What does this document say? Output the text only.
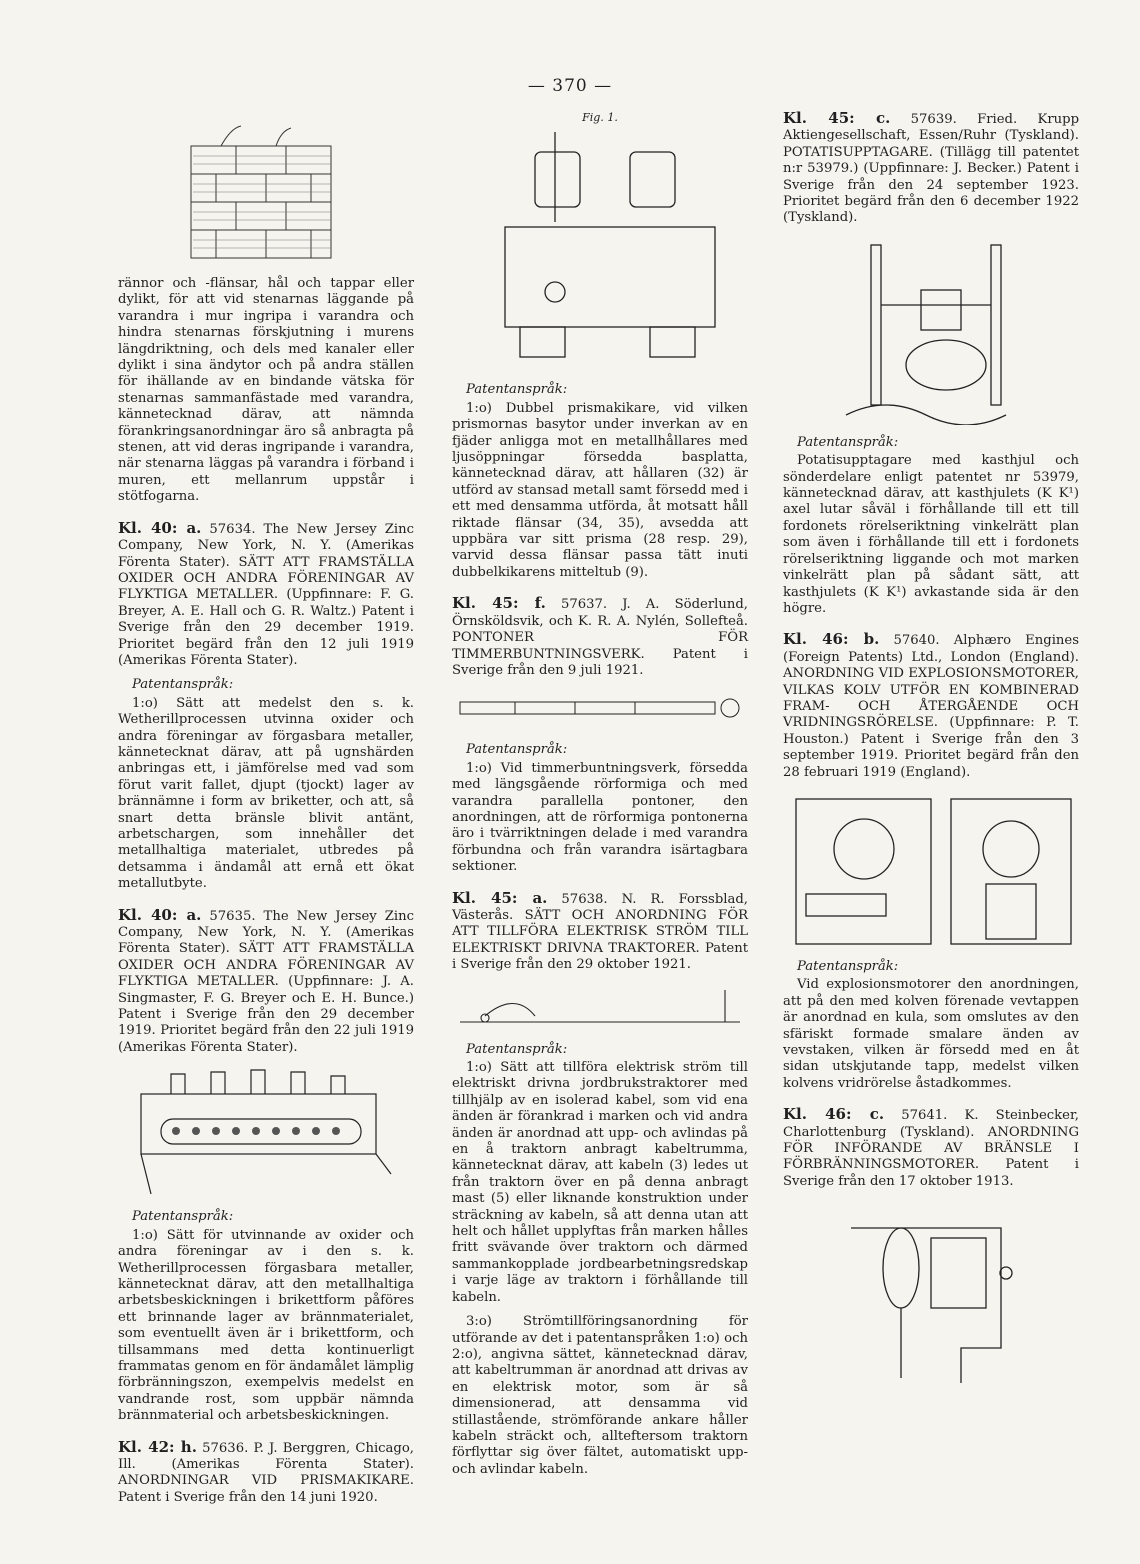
— 370 —

rännor och -flänsar, hål och tappar eller dylikt, för att vid stenarnas läggande på varandra i mur ingripa i varandra och hindra stenarnas förskjutning i murens längdriktning, och dels med kanaler eller dylikt i sina ändytor och på andra ställen för ihällande av en bindande vätska för stenarnas sammanfästade med varandra, kännetecknad därav, att nämnda förankringsanordningar äro så anbragta på stenen, att vid deras ingripande i varandra, när stenarna läggas på varandra i förband i muren, ett mellanrum uppstår i stötfogarna.

Kl. 40: a. 57634. The New Jersey Zinc Company, New York, N. Y. (Amerikas Förenta Stater). SÄTT ATT FRAMSTÄLLA OXIDER OCH ANDRA FÖRENINGAR AV FLYKTIGA METALLER. (Uppfinnare: F. G. Breyer, A. E. Hall och G. R. Waltz.) Patent i Sverige från den 29 december 1919. Prioritet begärd från den 12 juli 1919 (Amerikas Förenta Stater).

Patentanspråk:

1:o) Sätt att medelst den s. k. Wetherillprocessen utvinna oxider och andra föreningar av förgasbara metaller, kännetecknat därav, att på ugnshärden anbringas ett, i jämförelse med vad som förut varit fallet, djupt (tjockt) lager av brännämne i form av briketter, och att, så snart detta bränsle blivit antänt, arbetschargen, som innehåller det metallhaltiga materialet, utbredes på detsamma i ändamål att ernå ett ökat metallutbyte.

Kl. 40: a. 57635. The New Jersey Zinc Company, New York, N. Y. (Amerikas Förenta Stater). SÄTT ATT FRAMSTÄLLA OXIDER OCH ANDRA FÖRENINGAR AV FLYKTIGA METALLER. (Uppfinnare: J. A. Singmaster, F. G. Breyer och E. H. Bunce.) Patent i Sverige från den 29 december 1919. Prioritet begärd från den 22 juli 1919 (Amerikas Förenta Stater).

Patentanspråk:

1:o) Sätt för utvinnande av oxider och andra föreningar av i den s. k. Wetherillprocessen förgasbara metaller, kännetecknat därav, att den metallhaltiga arbetsbeskickningen i brikettform påföres ett brinnande lager av brännmaterialet, som eventuellt även är i brikettform, och tillsammans med detta kontinuerligt frammatas genom en för ändamålet lämplig förbränningszon, exempelvis medelst en vandrande rost, som uppbär nämnda brännmaterial och arbetsbeskickningen.

Kl. 42: h. 57636. P. J. Berggren, Chicago, Ill. (Amerikas Förenta Stater). ANORDNINGAR VID PRISMAKIKARE. Patent i Sverige från den 14 juni 1920.

Fig. 1.
Patentanspråk:

1:o) Dubbel prismakikare, vid vilken prismornas basytor under inverkan av en fjäder anligga mot en metallhållares med ljusöppningar försedda basplatta, kännetecknad därav, att hållaren (32) är utförd av stansad metall samt försedd med i ett med densamma utförda, åt motsatt håll riktade flänsar (34, 35), avsedda att uppbära var sitt prisma (28 resp. 29), varvid dessa flänsar passa tätt inuti dubbelkikarens mitteltub (9).

Kl. 45: f. 57637. J. A. Söderlund, Örnsköldsvik, och K. R. A. Nylén, Sollefteå. PONTONER FÖR TIMMERBUNTNINGSVERK. Patent i Sverige från den 9 juli 1921.

Patentanspråk:

1:o) Vid timmerbuntningsverk, försedda med längsgående rörformiga och med varandra parallella pontoner, den anordningen, att de rörformiga pontonerna äro i tvärriktningen delade i med varandra förbundna och från varandra isärtagbara sektioner.

Kl. 45: a. 57638. N. R. Forssblad, Västerås. SÄTT OCH ANORDNING FÖR ATT TILLFÖRA ELEKTRISK STRÖM TILL ELEKTRISKT DRIVNA TRAKTORER. Patent i Sverige från den 29 oktober 1921.

Patentanspråk:

1:o) Sätt att tillföra elektrisk ström till elektriskt drivna jordbrukstraktorer med tillhjälp av en isolerad kabel, som vid ena änden är förankrad i marken och vid andra änden är anordnad att upp- och avlindas på en å traktorn anbragt kabeltrumma, kännetecknat därav, att kabeln (3) ledes ut från traktorn över en på denna anbragt mast (5) eller liknande konstruktion under sträckning av kabeln, så att denna utan att helt och hållet upplyftas från marken hålles fritt svävande över traktorn och därmed sammankopplade jordbearbetningsredskap i varje läge av traktorn i förhållande till kabeln.

3:o) Strömtillföringsanordning för utförande av det i patentanspråken 1:o) och 2:o), angivna sättet, kännetecknad därav, att kabeltrumman är anordnad att drivas av en elektrisk motor, som är så dimensionerad, att densamma vid stillastående, strömförande ankare håller kabeln sträckt och, allteftersom traktorn förflyttar sig över fältet, automatiskt upp- och avlindar kabeln.

Kl. 45: c. 57639. Fried. Krupp Aktiengesellschaft, Essen/Ruhr (Tyskland). POTATISUPPTAGARE. (Tillägg till patentet n:r 53979.) (Uppfinnare: J. Becker.) Patent i Sverige från den 24 september 1923. Prioritet begärd från den 6 december 1922 (Tyskland).

Patentanspråk:

Potatisupptagare med kasthjul och sönderdelare enligt patentet nr 53979, kännetecknad därav, att kasthjulets (K K¹) axel lutar såväl i förhållande till ett till fordonets rörelseriktning vinkelrätt plan som även i förhållande till ett i fordonets rörelseriktning liggande och mot marken vinkelrätt plan på sådant sätt, att kasthjulets (K K¹) avkastande sida är den högre.

Kl. 46: b. 57640. Alphæro Engines (Foreign Patents) Ltd., London (England). ANORDNING VID EXPLOSIONSMOTORER, VILKAS KOLV UTFÖR EN KOMBINERAD FRAM- OCH ÅTERGÅENDE OCH VRIDNINGSRÖRELSE. (Uppfinnare: P. T. Houston.) Patent i Sverige från den 3 september 1919. Prioritet begärd från den 28 februari 1919 (England).

Patentanspråk:

Vid explosionsmotorer den anordningen, att på den med kolven förenade vevtappen är anordnad en kula, som omslutes av den sfäriskt formade smalare änden av vevstaken, vilken är försedd med en åt sidan utskjutande tapp, medelst vilken kolvens vridrörelse åstadkommes.

Kl. 46: c. 57641. K. Steinbecker, Charlottenburg (Tyskland). ANORDNING FÖR INFÖRANDE AV BRÄNSLE I FÖRBRÄNNINGSMOTORER. Patent i Sverige från den 17 oktober 1913.
